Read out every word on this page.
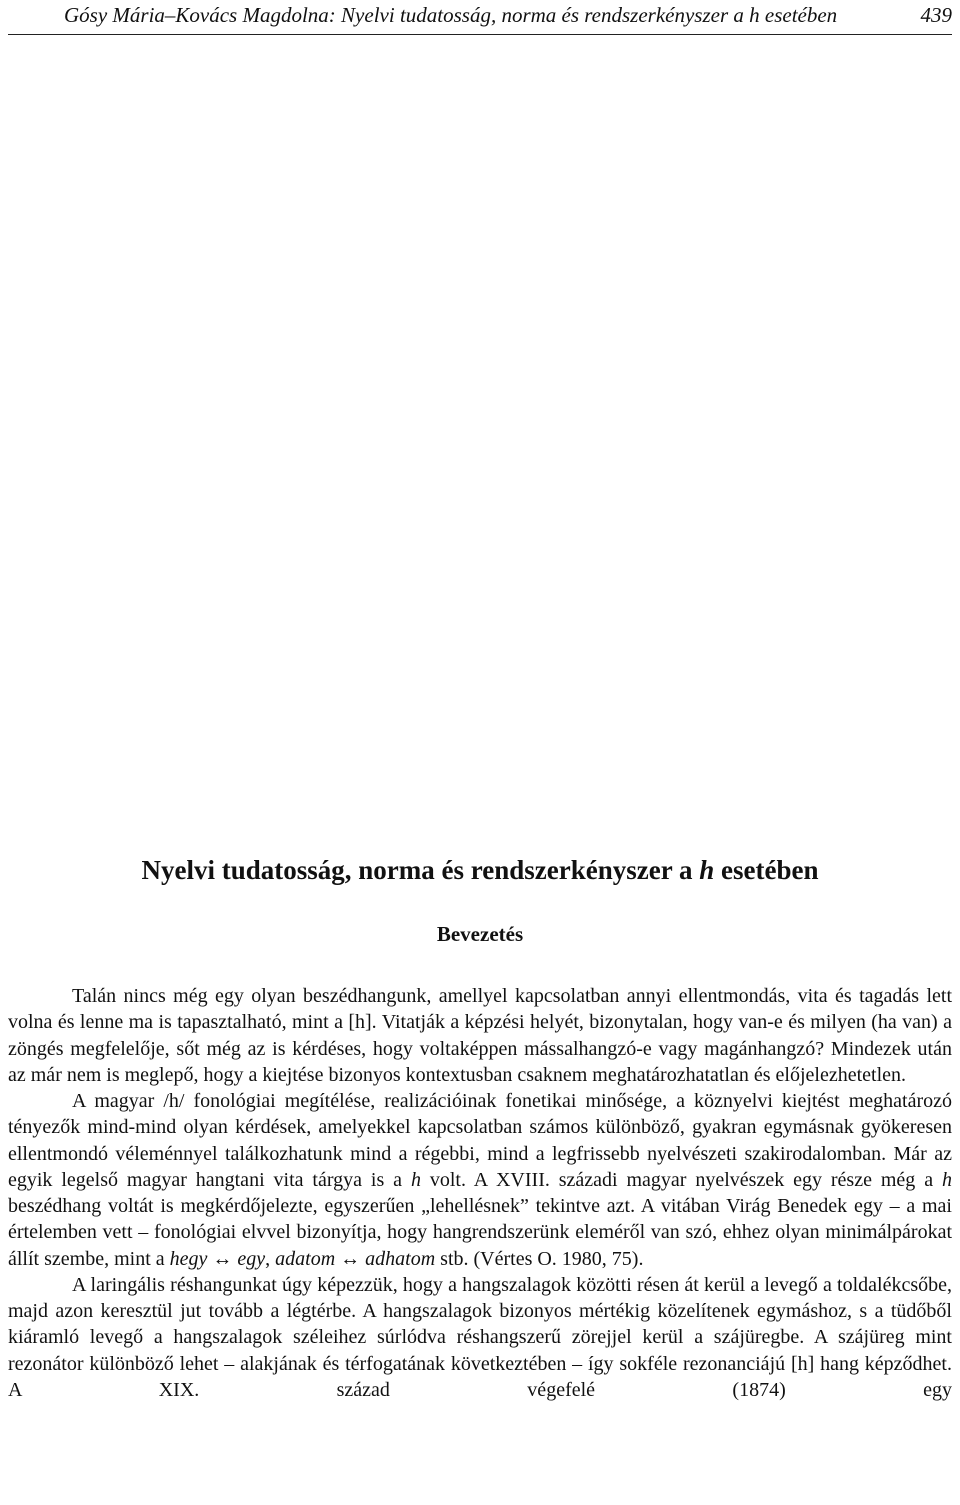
Gósy Mária–Kovács Magdolna: Nyelvi tudatosság, norma és rendszerkényszer a h esetében	439
Nyelvi tudatosság, norma és rendszerkényszer a h esetében
Bevezetés

Talán nincs még egy olyan beszédhangunk, amellyel kapcsolatban annyi ellentmondás, vita és tagadás lett volna és lenne ma is tapasztalható, mint a [h]. Vitatják a képzési helyét, bizonytalan, hogy van-e és milyen (ha van) a zöngés megfelelője, sőt még az is kérdéses, hogy voltaképpen mássalhangzó-e vagy magánhangzó? Mindezek után az már nem is meglepő, hogy a kiejtése bizonyos kontextusban csaknem meghatározhatatlan és előjelezhetetlen.

A magyar /h/ fonológiai megítélése, realizációinak fonetikai minősége, a köznyelvi kiejtést meghatározó tényezők mind-mind olyan kérdések, amelyekkel kapcsolatban számos különböző, gyakran egymásnak gyökeresen ellentmondó véleménnyel találkozhatunk mind a régebbi, mind a legfrissebb nyelvészeti szakirodalomban. Már az egyik legelső magyar hangtani vita tárgya is a h volt. A XVIII. századi magyar nyelvészek egy része még a h beszédhang voltát is megkérdőjelezte, egyszerűen „lehellésnek” tekintve azt. A vitában Virág Benedek egy – a mai értelemben vett – fonológiai elvvel bizonyítja, hogy hangrendszerünk eleméről van szó, ehhez olyan minimálpárokat állít szembe, mint a hegy ↔ egy, adatom ↔ adhatom stb. (Vértes O. 1980, 75).

A laringális réshangunkat úgy képezzük, hogy a hangszalagok közötti résen át kerül a levegő a toldalékcsőbe, majd azon keresztül jut tovább a légtérbe. A hangszalagok bizonyos mértékig közelítenek egymáshoz, s a tüdőből kiáramló levegő a hangszalagok széleihez súrlódva réshangszerű zörejjel kerül a szájüregbe. A szájüreg mint rezonátor különböző lehet – alakjának és térfogatának következtében – így sokféle rezonanciájú [h] hang képződhet. A XIX. század végefelé (1874) egy
